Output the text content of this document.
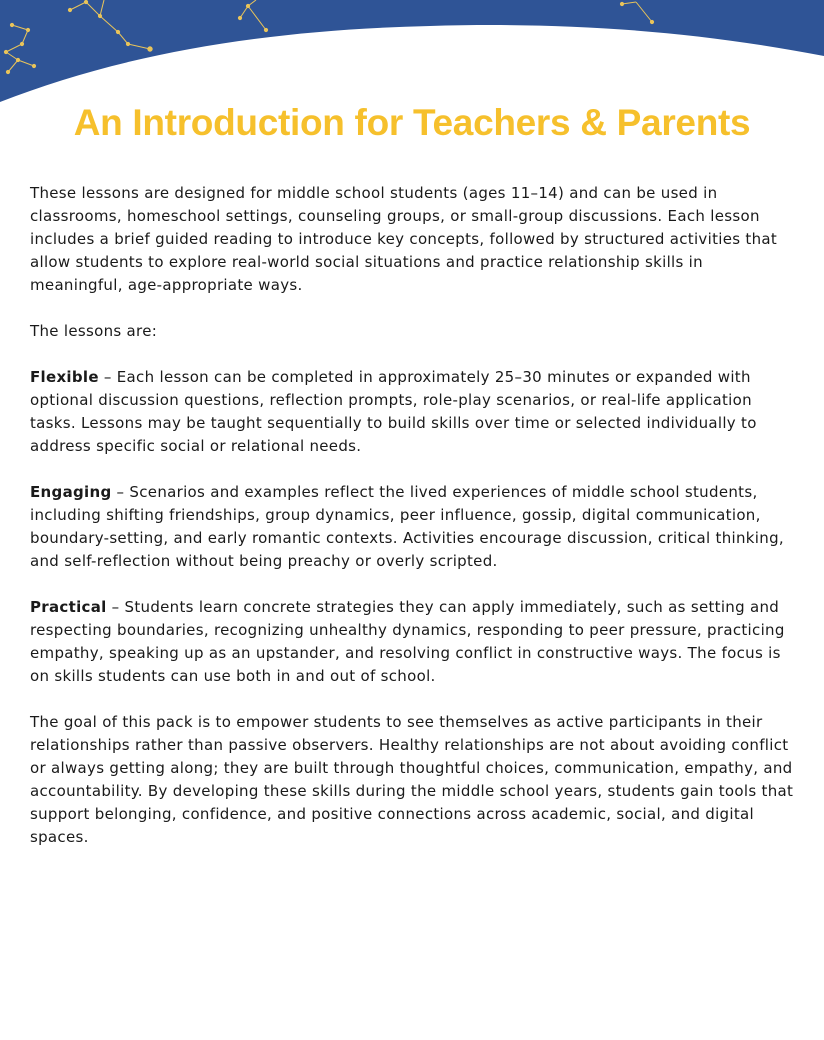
An Introduction for Teachers & Parents

These lessons are designed for middle school students (ages 11–14) and can be used in classrooms, homeschool settings, counseling groups, or small-group discussions. Each lesson includes a brief guided reading to introduce key concepts, followed by structured activities that allow students to explore real-world social situations and practice relationship skills in meaningful, age-appropriate ways.

The lessons are:

Flexible – Each lesson can be completed in approximately 25–30 minutes or expanded with optional discussion questions, reflection prompts, role-play scenarios, or real-life application tasks. Lessons may be taught sequentially to build skills over time or selected individually to address specific social or relational needs.

Engaging – Scenarios and examples reflect the lived experiences of middle school students, including shifting friendships, group dynamics, peer influence, gossip, digital communication, boundary-setting, and early romantic contexts. Activities encourage discussion, critical thinking, and self-reflection without being preachy or overly scripted.

Practical – Students learn concrete strategies they can apply immediately, such as setting and respecting boundaries, recognizing unhealthy dynamics, responding to peer pressure, practicing empathy, speaking up as an upstander, and resolving conflict in constructive ways. The focus is on skills students can use both in and out of school.

The goal of this pack is to empower students to see themselves as active participants in their relationships rather than passive observers. Healthy relationships are not about avoiding conflict or always getting along; they are built through thoughtful choices, communication, empathy, and accountability. By developing these skills during the middle school years, students gain tools that support belonging, confidence, and positive connections across academic, social, and digital spaces.
